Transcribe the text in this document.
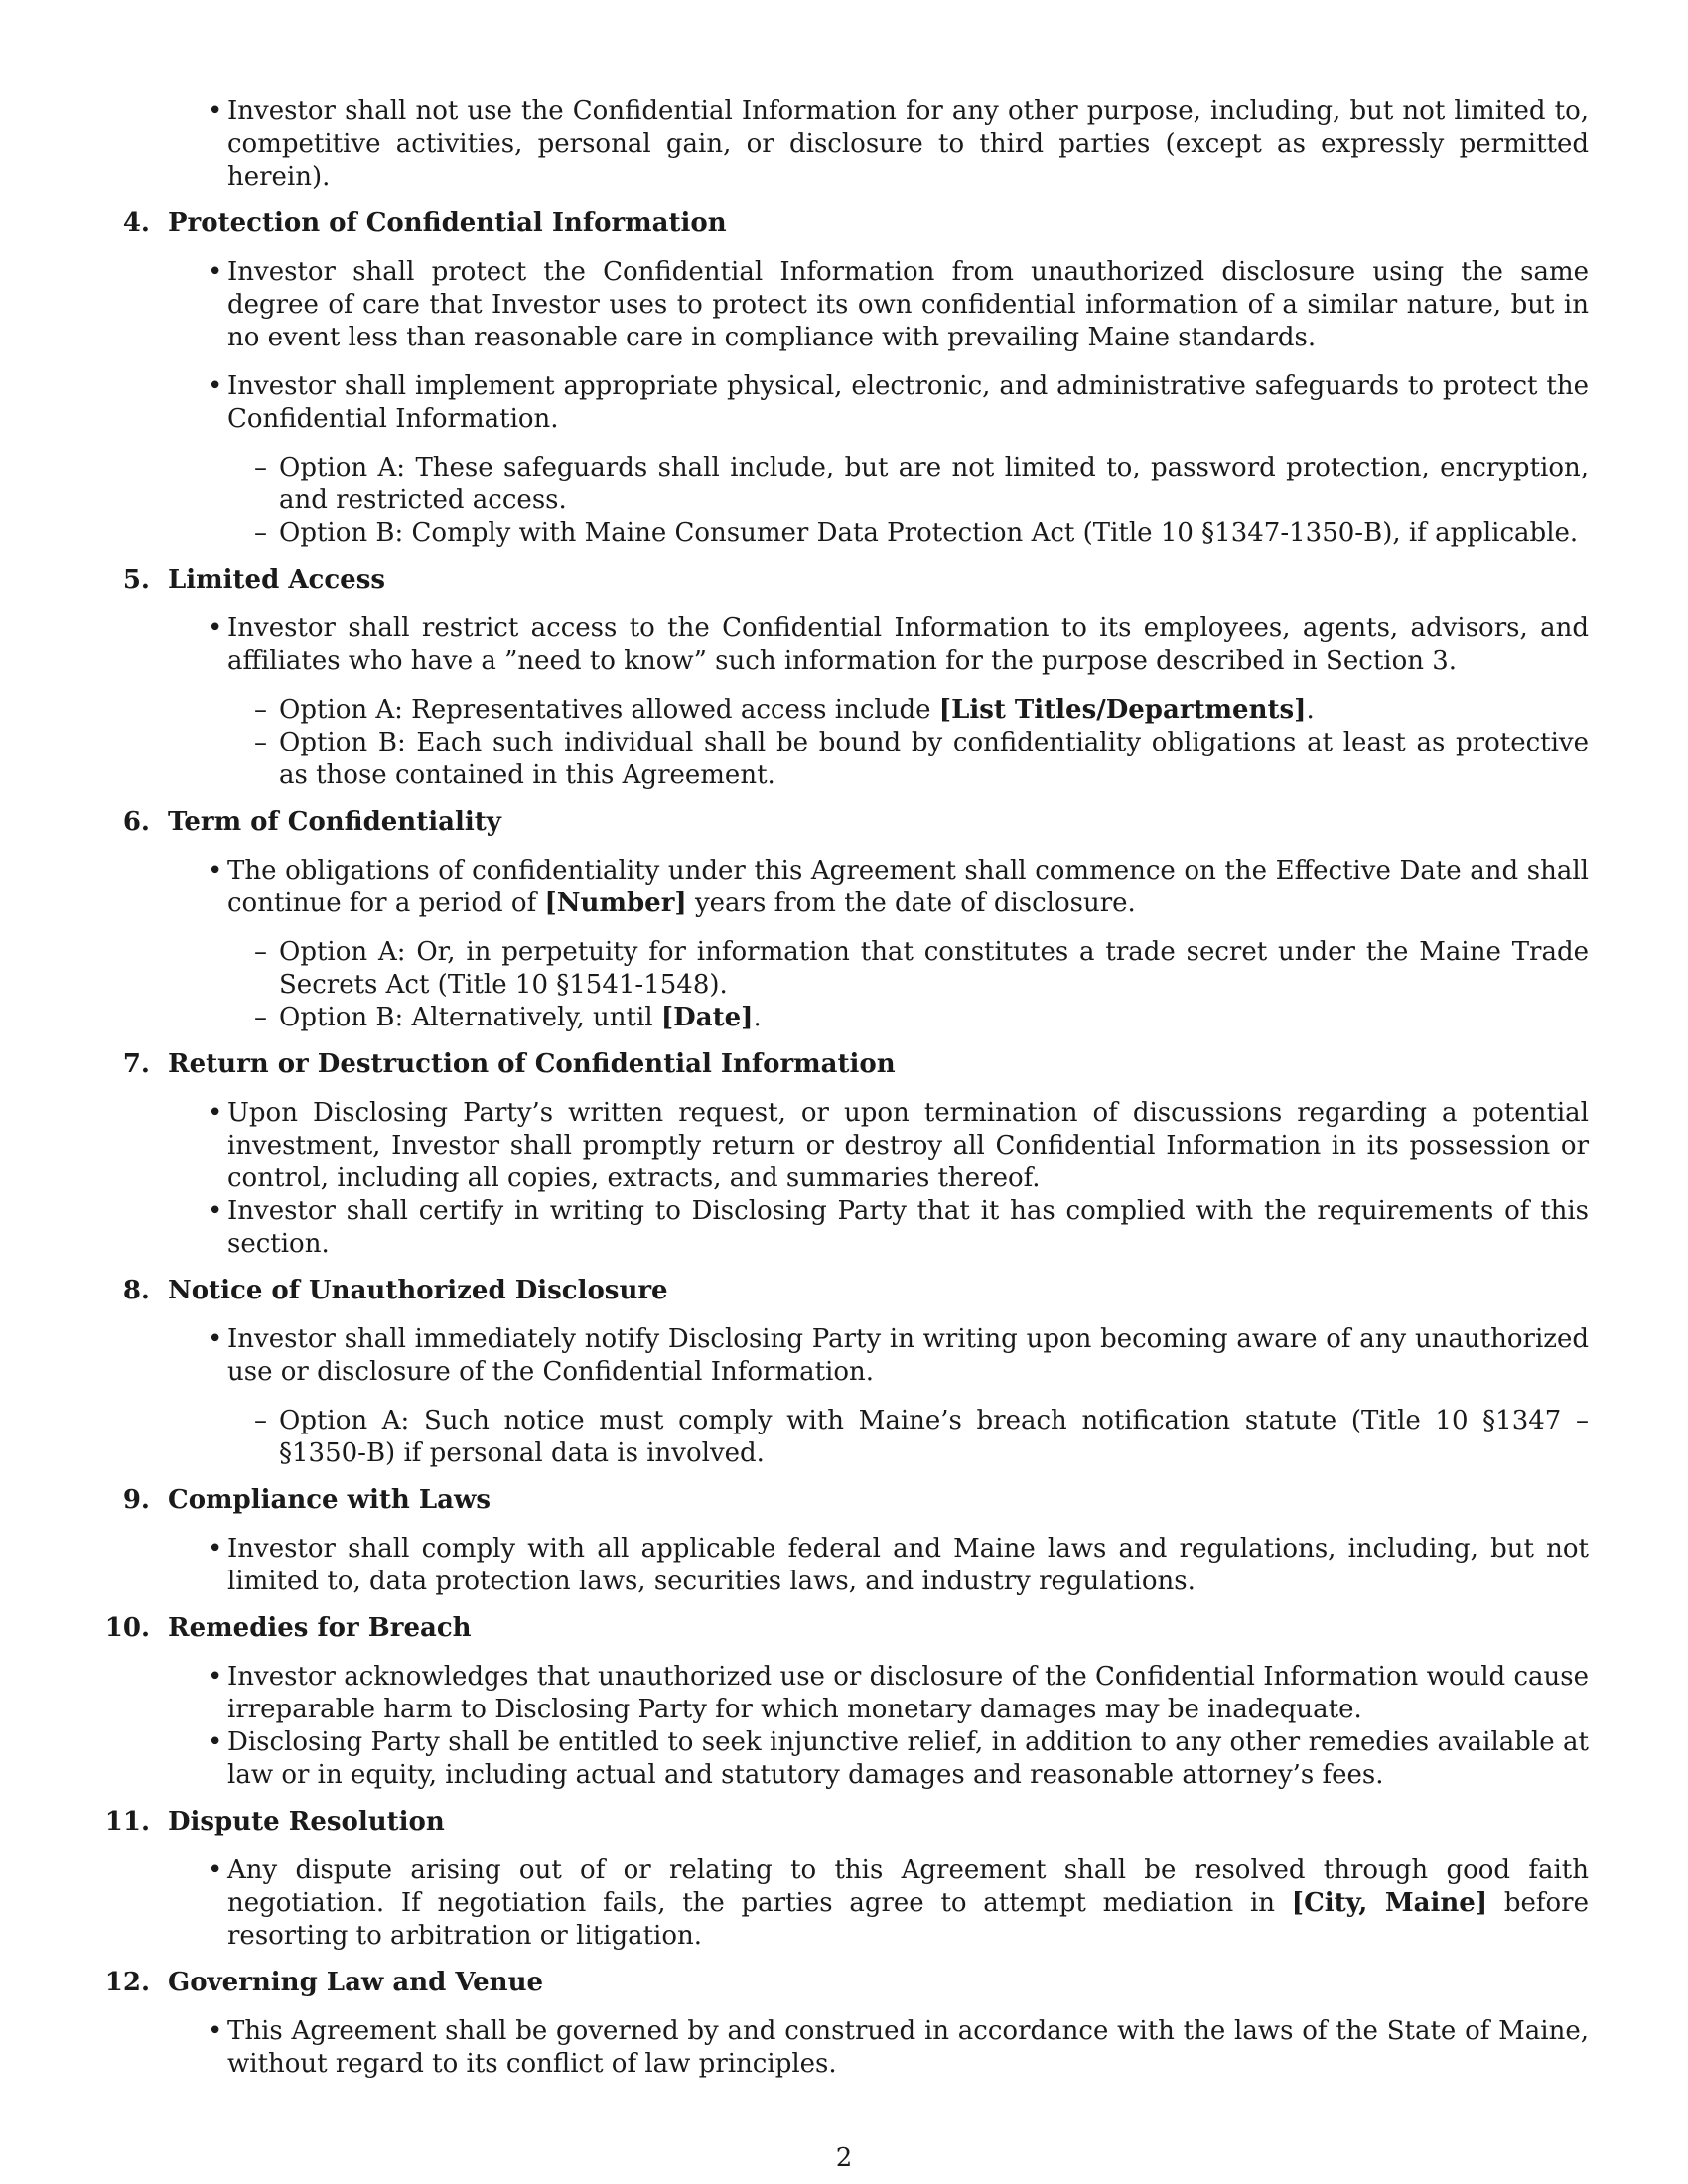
• Investor shall not use the Confidential Information for any other purpose, including, but not limited to, competitive activities, personal gain, or disclosure to third parties (except as expressly permitted herein).
4. Protection of Confidential Information
• Investor shall protect the Confidential Information from unauthorized disclosure using the same degree of care that Investor uses to protect its own confidential information of a similar nature, but in no event less than reasonable care in compliance with prevailing Maine standards.
• Investor shall implement appropriate physical, electronic, and administrative safeguards to protect the Confidential Information.
– Option A: These safeguards shall include, but are not limited to, password protection, encryption, and restricted access.
– Option B: Comply with Maine Consumer Data Protection Act (Title 10 §1347-1350-B), if applicable.
5. Limited Access
• Investor shall restrict access to the Confidential Information to its employees, agents, advisors, and affiliates who have a ”need to know” such information for the purpose described in Section 3.
– Option A: Representatives allowed access include [List Titles/Departments].
– Option B: Each such individual shall be bound by confidentiality obligations at least as protective as those contained in this Agreement.
6. Term of Confidentiality
• The obligations of confidentiality under this Agreement shall commence on the Effective Date and shall continue for a period of [Number] years from the date of disclosure.
– Option A: Or, in perpetuity for information that constitutes a trade secret under the Maine Trade Secrets Act (Title 10 §1541-1548).
– Option B: Alternatively, until [Date].
7. Return or Destruction of Confidential Information
• Upon Disclosing Party’s written request, or upon termination of discussions regarding a potential investment, Investor shall promptly return or destroy all Confidential Information in its possession or control, including all copies, extracts, and summaries thereof.
• Investor shall certify in writing to Disclosing Party that it has complied with the requirements of this section.
8. Notice of Unauthorized Disclosure
• Investor shall immediately notify Disclosing Party in writing upon becoming aware of any unauthorized use or disclosure of the Confidential Information.
– Option A: Such notice must comply with Maine’s breach notification statute (Title 10 §1347 – §1350-B) if personal data is involved.
9. Compliance with Laws
• Investor shall comply with all applicable federal and Maine laws and regulations, including, but not limited to, data protection laws, securities laws, and industry regulations.
10. Remedies for Breach
• Investor acknowledges that unauthorized use or disclosure of the Confidential Information would cause irreparable harm to Disclosing Party for which monetary damages may be inadequate.
• Disclosing Party shall be entitled to seek injunctive relief, in addition to any other remedies available at law or in equity, including actual and statutory damages and reasonable attorney’s fees.
11. Dispute Resolution
• Any dispute arising out of or relating to this Agreement shall be resolved through good faith negotiation. If negotiation fails, the parties agree to attempt mediation in [City, Maine] before resorting to arbitration or litigation.
12. Governing Law and Venue
• This Agreement shall be governed by and construed in accordance with the laws of the State of Maine, without regard to its conflict of law principles.
2
